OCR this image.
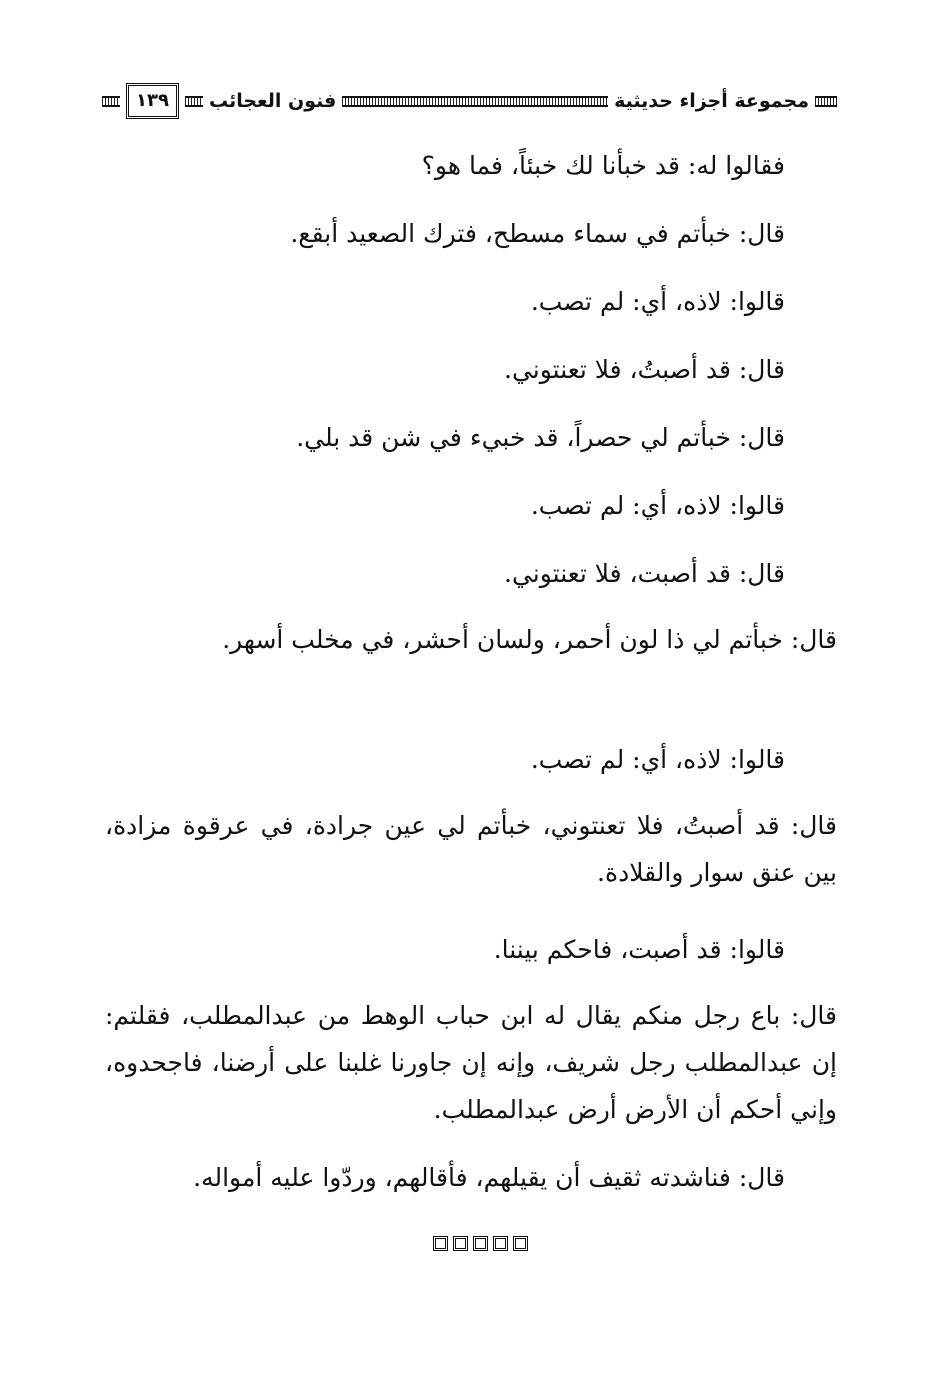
مجموعة أجزاء حديثية
فنون العجائب
١٣٩

فقالوا له: قد خبأنا لك خبئاً، فما هو؟

قال: خبأتم في سماء مسطح، فترك الصعيد أبقع.

قالوا: لاذه، أي: لم تصب.

قال: قد أصبتُ، فلا تعنتوني.

قال: خبأتم لي حصراً، قد خبيء في شن قد بلي.

قالوا: لاذه، أي: لم تصب.

قال: قد أصبت، فلا تعنتوني.

قال: خبأتم لي ذا لون أحمر، ولسان أحشر، في مخلب أسهر.

قالوا: لاذه، أي: لم تصب.

قال: قد أصبتُ، فلا تعنتوني، خبأتم لي عين جرادة، في عرقوة مزادة، بين عنق سوار والقلادة.

قالوا: قد أصبت، فاحكم بيننا.

قال: باع رجل منكم يقال له ابن حباب الوهط من عبدالمطلب، فقلتم: إن عبدالمطلب رجل شريف، وإنه إن جاورنا غلبنا على أرضنا، فاجحدوه، وإني أحكم أن الأرض أرض عبدالمطلب.

قال: فناشدته ثقيف أن يقيلهم، فأقالهم، وردّوا عليه أمواله.
